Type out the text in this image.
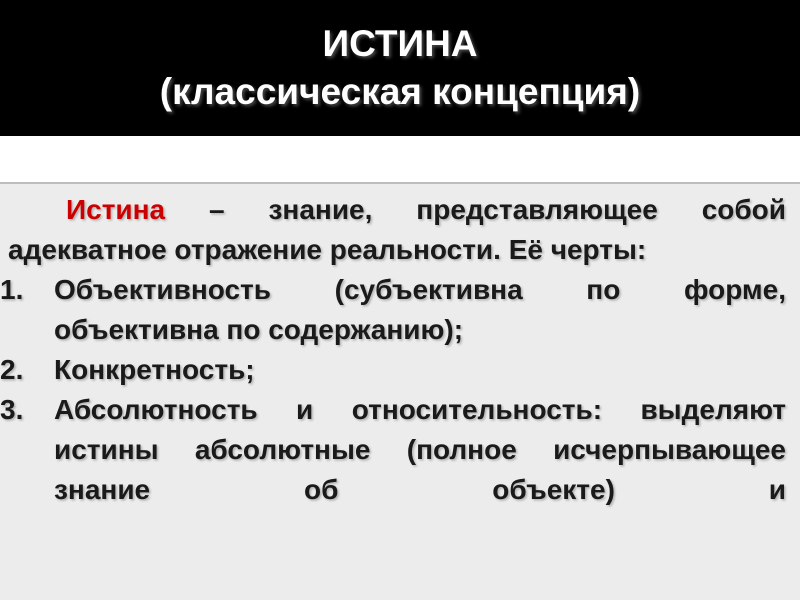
ИСТИНА
(классическая концепция)

Истина – знание, представляющее собой адекватное отражение реальности. Её черты:

1. Объективность (субъективна по форме, объективна по содержанию);
2. Конкретность;
3. Абсолютность и относительность: выделяют истины абсолютные (полное исчерпывающее знание об объекте) и
